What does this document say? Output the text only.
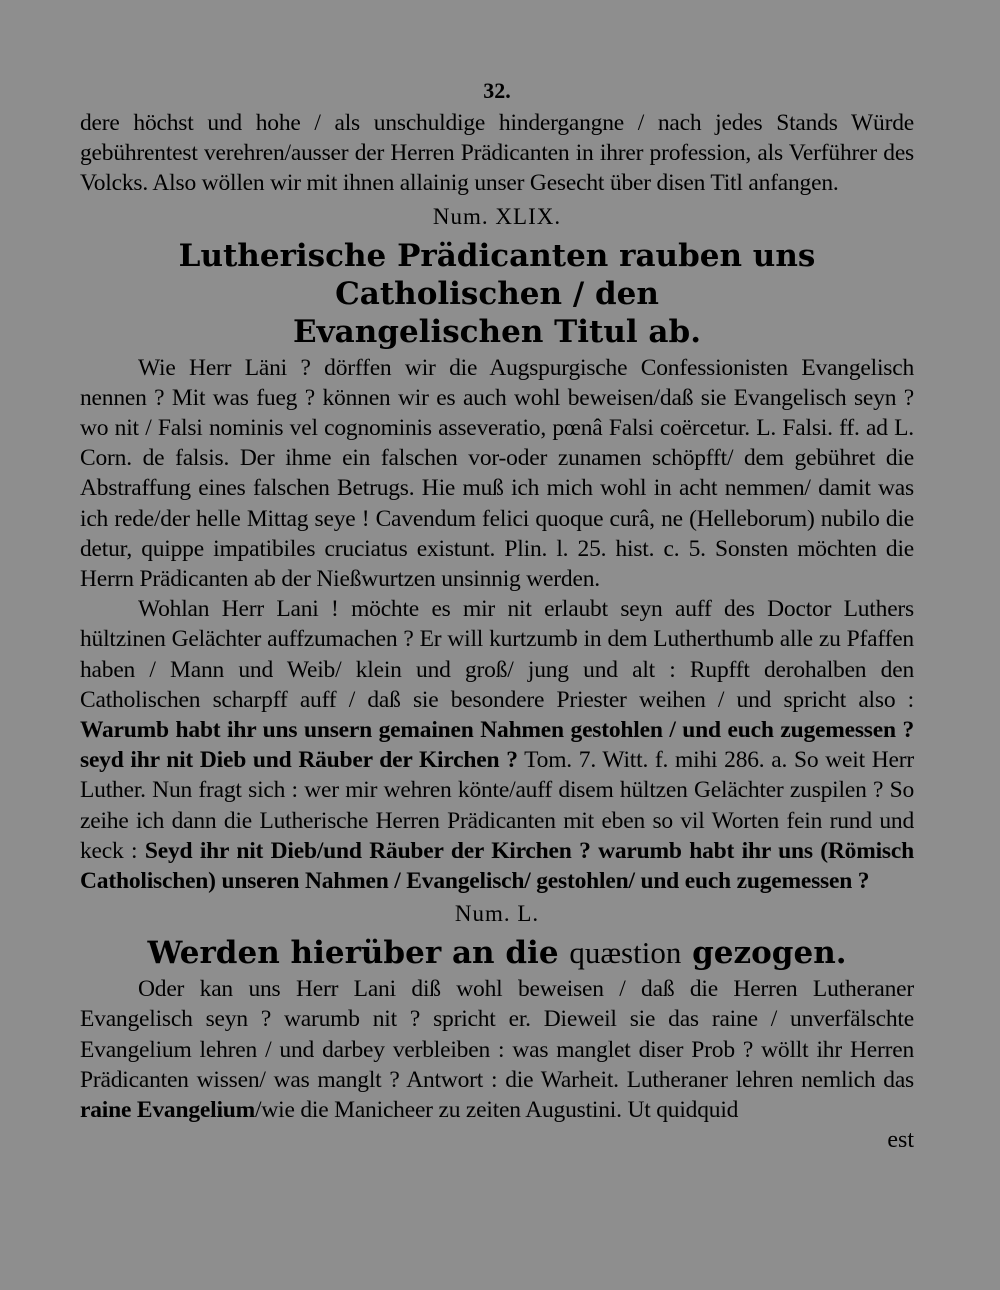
32.

dere höchst und hohe / als unschuldige hindergangne / nach jedes Stands Würde gebührentest verehren/ausser der Herren Prädicanten in ihrer profession, als Verführer des Volcks. Also wöllen wir mit ihnen allainig unser Gesecht über disen Titl anfangen.

Num. XLIX.
Lutherische Prädicanten rauben uns Catholischen / den
Evangelischen Titul ab.

Wie Herr Läni ? dörffen wir die Augspurgische Confessionisten Evangelisch nennen ? Mit was fueg ? können wir es auch wohl beweisen/daß sie Evangelisch seyn ? wo nit / Falsi nominis vel cognominis asseveratio, pœnâ Falsi coërcetur. L. Falsi. ff. ad L. Corn. de falsis. Der ihme ein falschen vor-oder zunamen schöpfft/ dem gebühret die Abstraffung eines falschen Betrugs. Hie muß ich mich wohl in acht nemmen/ damit was ich rede/der helle Mittag seye ! Cavendum felici quoque curâ, ne (Helleborum) nubilo die detur, quippe impatibiles cruciatus existunt. Plin. l. 25. hist. c. 5. Sonsten möchten die Herrn Prädicanten ab der Nießwurtzen unsinnig werden.

Wohlan Herr Lani ! möchte es mir nit erlaubt seyn auff des Doctor Luthers hültzinen Gelächter auffzumachen ? Er will kurtzumb in dem Lutherthumb alle zu Pfaffen haben / Mann und Weib/ klein und groß/ jung und alt : Rupfft derohalben den Catholischen scharpff auff / daß sie besondere Priester weihen / und spricht also : Warumb habt ihr uns unsern gemainen Nahmen gestohlen / und euch zugemessen ? seyd ihr nit Dieb und Räuber der Kirchen ? Tom. 7. Witt. f. mihi 286. a. So weit Herr Luther. Nun fragt sich : wer mir wehren könte/auff disem hültzen Gelächter zuspilen ? So zeihe ich dann die Lutherische Herren Prädicanten mit eben so vil Worten fein rund und keck : Seyd ihr nit Dieb/und Räuber der Kirchen ? warumb habt ihr uns (Römisch Catholischen) unseren Nahmen / Evangelisch/ gestohlen/ und euch zugemessen ?

Num. L.
Werden hierüber an die quæstion gezogen.

Oder kan uns Herr Lani diß wohl beweisen / daß die Herren Lutheraner Evangelisch seyn ? warumb nit ? spricht er. Dieweil sie das raine / unverfälschte Evangelium lehren / und darbey verbleiben : was manglet diser Prob ? wöllt ihr Herren Prädicanten wissen/ was manglt ? Antwort : die Warheit. Lutheraner lehren nemlich das raine Evangelium/wie die Manicheer zu zeiten Augustini. Ut quidquid

est
